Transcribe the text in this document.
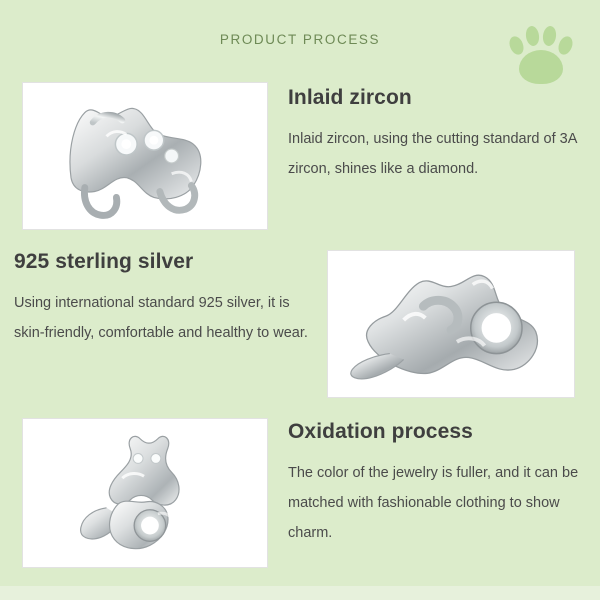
PRODUCT PROCESS
Inlaid zircon

Inlaid zircon, using the cutting standard of 3A zircon, shines like a diamond.

925 sterling silver

Using international standard 925 silver, it is skin-friendly, comfortable and healthy to wear.

Oxidation process

The color of the jewelry is fuller, and it can be matched with fashionable clothing to show charm.
